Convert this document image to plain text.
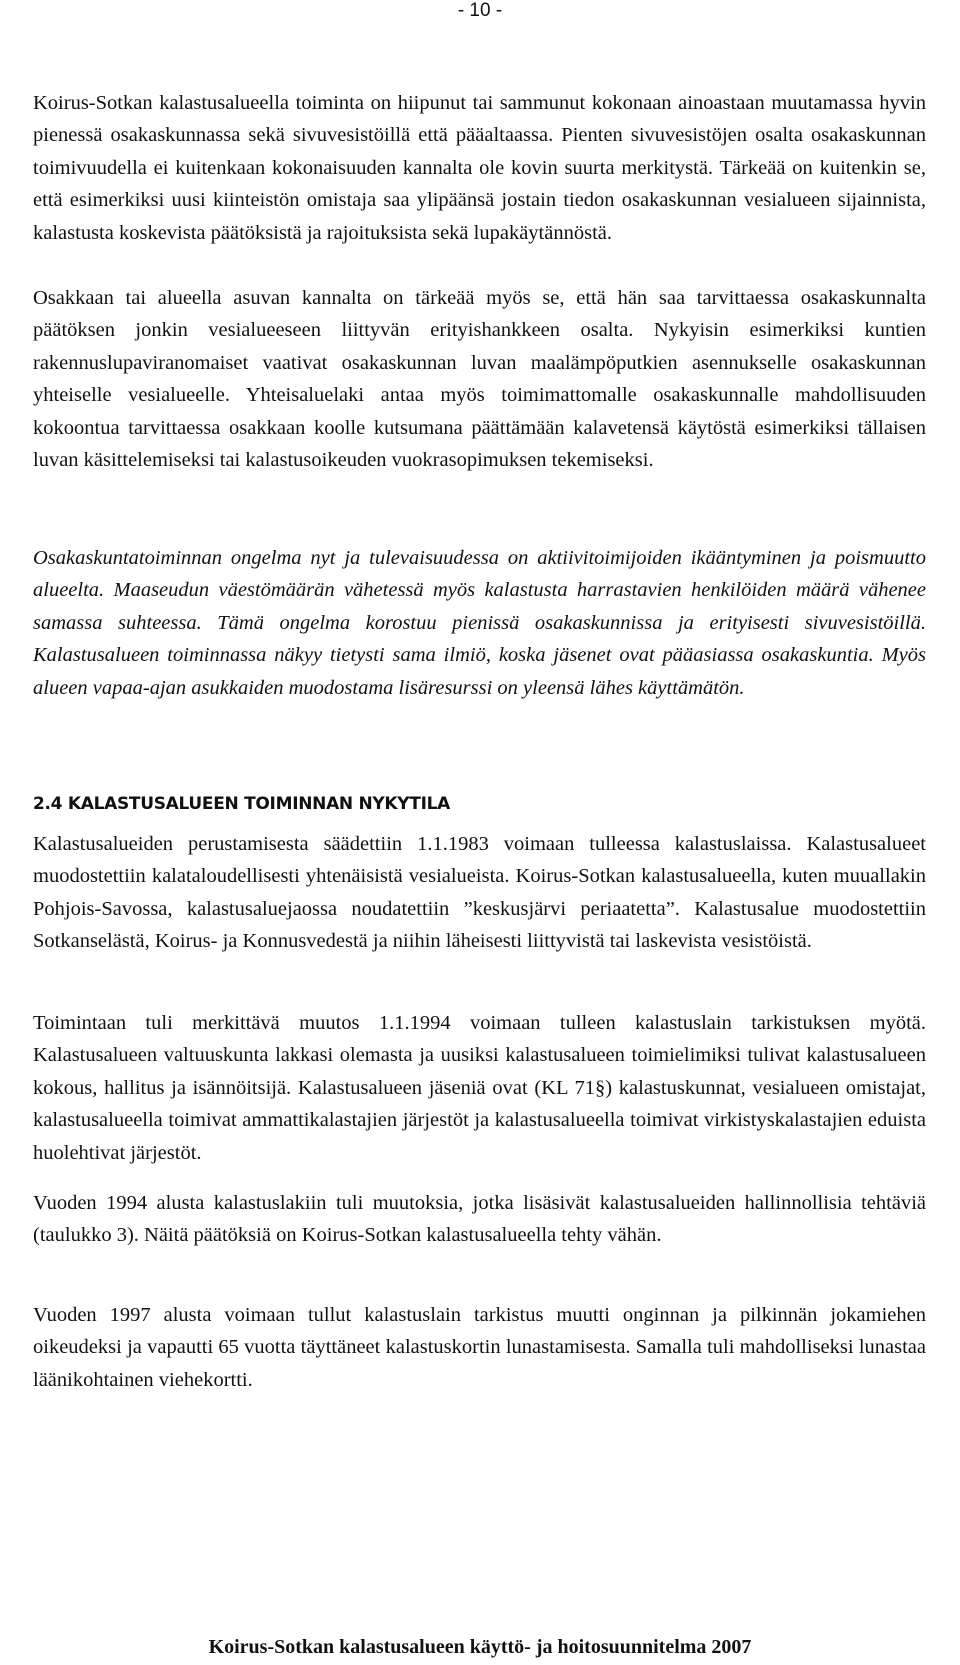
- 10 -

Koirus-Sotkan kalastusalueella toiminta on hiipunut tai sammunut kokonaan ainoastaan muutamassa hyvin pienessä osakaskunnassa sekä sivuvesistöillä että pääaltaassa. Pienten sivuvesistöjen osalta osakaskunnan toimivuudella ei kuitenkaan kokonaisuuden kannalta ole kovin suurta merkitystä. Tärkeää on kuitenkin se, että esimerkiksi uusi kiinteistön omistaja saa ylipäänsä jostain tiedon osakaskunnan vesialueen sijainnista, kalastusta koskevista päätöksistä ja rajoituksista sekä lupakäytännöstä.

Osakkaan tai alueella asuvan kannalta on tärkeää myös se, että hän saa tarvittaessa osakaskunnalta päätöksen jonkin vesialueeseen liittyvän erityishankkeen osalta. Nykyisin esimerkiksi kuntien rakennuslupaviranomaiset vaativat osakaskunnan luvan maalämpöputkien asennukselle osakaskunnan yhteiselle vesialueelle. Yhteisaluelaki antaa myös toimimattomalle osakaskunnalle mahdollisuuden kokoontua tarvittaessa osakkaan koolle kutsumana päättämään kalavetensä käytöstä esimerkiksi tällaisen luvan käsittelemiseksi tai kalastusoikeuden vuokrasopimuksen tekemiseksi.

Osakaskuntatoiminnan ongelma nyt ja tulevaisuudessa on aktiivitoimijoiden ikääntyminen ja poismuutto alueelta. Maaseudun väestömäärän vähetessä myös kalastusta harrastavien henkilöiden määrä vähenee samassa suhteessa. Tämä ongelma korostuu pienissä osakaskunnissa ja erityisesti sivuvesistöillä. Kalastusalueen toiminnassa näkyy tietysti sama ilmiö, koska jäsenet ovat pääasiassa osakaskuntia. Myös alueen vapaa-ajan asukkaiden muodostama lisäresurssi on yleensä lähes käyttämätön.

2.4 KALASTUSALUEEN TOIMINNAN NYKYTILA

Kalastusalueiden perustamisesta säädettiin 1.1.1983 voimaan tulleessa kalastuslaissa. Kalastusalueet muodostettiin kalataloudellisesti yhtenäisistä vesialueista. Koirus-Sotkan kalastusalueella, kuten muuallakin Pohjois-Savossa, kalastusaluejaossa noudatettiin ”keskusjärvi periaatetta”. Kalastusalue muodostettiin Sotkanselästä, Koirus- ja Konnusvedestä ja niihin läheisesti liittyvistä tai laskevista vesistöistä.

Toimintaan tuli merkittävä muutos 1.1.1994 voimaan tulleen kalastuslain tarkistuksen myötä. Kalastusalueen valtuuskunta lakkasi olemasta ja uusiksi kalastusalueen toimielimiksi tulivat kalastusalueen kokous, hallitus ja isännöitsijä. Kalastusalueen jäseniä ovat (KL 71§) kalastuskunnat, vesialueen omistajat, kalastusalueella toimivat ammattikalastajien järjestöt ja kalastusalueella toimivat virkistyskalastajien eduista huolehtivat järjestöt.

Vuoden 1994 alusta kalastuslakiin tuli muutoksia, jotka lisäsivät kalastusalueiden hallinnollisia tehtäviä (taulukko 3). Näitä päätöksiä on Koirus-Sotkan kalastusalueella tehty vähän.

Vuoden 1997 alusta voimaan tullut kalastuslain tarkistus muutti onginnan ja pilkinnän jokamiehen oikeudeksi ja vapautti 65 vuotta täyttäneet kalastuskortin lunastamisesta. Samalla tuli mahdolliseksi lunastaa läänikohtainen viehekortti.

Koirus-Sotkan kalastusalueen käyttö- ja hoitosuunnitelma 2007
